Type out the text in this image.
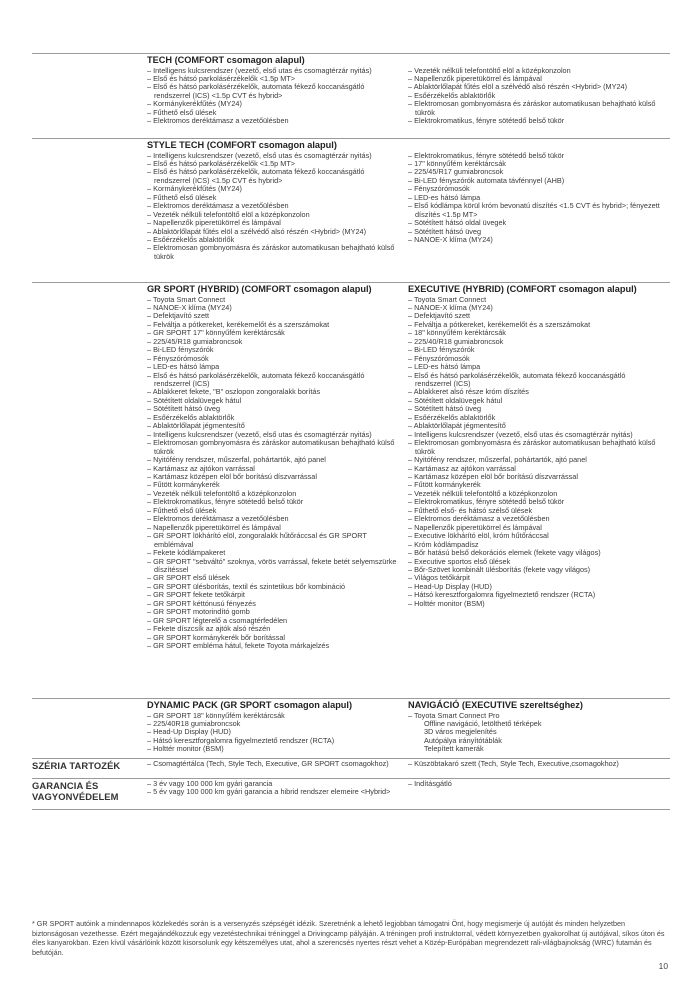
TECH (COMFORT csomagon alapul)
– Intelligens kulcsrendszer (vezető, első utas és csomagtérzár nyitás)
– Első és hátsó parkolásérzékelők <1.5p MT>
– Első és hátsó parkolásérzékelők, automata fékező koccanásgátló rendszerrel (ICS) <1.5p CVT és hybrid>
– Kormánykerékfűtés (MY24)
– Fűthető első ülések
– Elektromos deréktámasz a vezetőülésben
– Vezeték nélküli telefontöltő elöl a középkonzolon
– Napellenzők piperetükörrel és lámpával
– Ablaktörlőlapát fűtés elöl a szélvédő alsó részén <Hybrid> (MY24)
– Esőérzékelős ablaktörlők
– Elektromosan gombnyomásra és záráskor automatikusan behajtható külső tükrök
– Elektrokromatikus, fényre sötétedő belső tükör
STYLE TECH (COMFORT csomagon alapul)
– Intelligens kulcsrendszer (vezető, első utas és csomagtérzár nyitás)
– Első és hátsó parkolásérzékelők <1.5p MT>
– Első és hátsó parkolásérzékelők, automata fékező koccanásgátló rendszerrel (ICS) <1.5p CVT és hybrid>
– Kormánykerékfűtés (MY24)
– Fűthető első ülések
– Elektromos deréktámasz a vezetőülésben
– Vezeték nélküli telefontöltő elöl a középkonzolon
– Napellenzők piperetükörrel és lámpával
– Ablaktörlőlapát fűtés elöl a szélvédő alsó részén <Hybrid> (MY24)
– Esőérzékelős ablaktörlők
– Elektromosan gombnyomásra és záráskor automatikusan behajtható külső tükrök
– Elektrokromatikus, fényre sötétedő belső tükör
– 17" könnyűfém keréktárcsák
– 225/45/R17 gumiabroncsok
– Bi-LED fényszórók automata távfénnyel (AHB)
– Fényszórómosók
– LED-es hátsó lámpa
– Első kódlámpa körül króm bevonatú díszítés <1.5 CVT és hybrid>; fényezett díszítés <1.5p MT>
– Sötétített hátsó oldal üvegek
– Sötétített hátsó üveg
– NANOE-X klíma (MY24)
GR SPORT (HYBRID) (COMFORT csomagon alapul)
– Toyota Smart Connect
– NANOE-X klíma (MY24)
– Defektjavító szett
– Felváltja a pótkereket, kerékemelőt és a szerszámokat
– GR SPORT 17" könnyűfém keréktárcsák
– 225/45/R18 gumiabroncsok
– Bi-LED fényszórók
– Fényszórómosók
– LED-es hátsó lámpa
– Első és hátsó parkolásérzékelők, automata fékező koccanásgátló rendszerrel (ICS)
– Ablakkeret fekete, "B" oszlopon zongoralakk borítás
– Sötétített oldalüvegek hátul
– Sötétített hátsó üveg
– Esőérzékelős ablaktörlők
– Ablaktörlőlapát jégmentesítő
– Intelligens kulcsrendszer (vezető, első utas és csomagtérzár nyitás)
– Elektromosan gombnyomásra és záráskor automatikusan behajtható külső tükrök
– Nyitófény rendszer, műszerfal, pohártartók, ajtó panel
– Kartámasz az ajtókon varrással
– Kartámasz középen elöl bőr borítású díszvarrással
– Fűtött kormánykerék
– Vezeték nélküli telefontöltő a középkonzolon
– Elektrokromatikus, fényre sötétedő belső tükör
– Fűthető első ülések
– Elektromos deréktámasz a vezetőülésben
– Napellenzők piperetükörrel és lámpával
– GR SPORT lökhárító elöl, zongoralakk hűtőráccsal és GR SPORT emblémával
– Fekete kódlámpakeret
– GR SPORT "sebváltó" szoknya, vörös varrással, fekete betét selyemszürke díszítéssel
– GR SPORT első ülések
– GR SPORT ülésborítás, textil és szintetikus bőr kombináció
– GR SPORT fekete tetőkárpit
– GR SPORT kéttónusú fényezés
– GR SPORT motorindító gomb
– GR SPORT légterelő a csomagtérfedélen
– Fekete díszcsík az ajtók alsó részén
– GR SPORT kormánykerék bőr borítással
– GR SPORT embléma hátul, fekete Toyota márkajelzés
EXECUTIVE (HYBRID) (COMFORT csomagon alapul)
– Toyota Smart Connect
– NANOE-X klíma (MY24)
– Defektjavító szett
– Felváltja a pótkereket, kerékemelőt és a szerszámokat
– 18" könnyűfém keréktárcsák
– 225/40/R18 gumiabroncsok
– Bi-LED fényszórók
– Fényszórómosók
– LED-es hátsó lámpa
– Első és hátsó parkolásérzékelők, automata fékező koccanásgátló rendszerrel (ICS)
– Ablakkeret alsó része króm díszítés
– Sötétített oldalüvegek hátul
– Sötétített hátsó üveg
– Esőérzékelős ablaktörlők
– Ablaktörlőlapát jégmentesítő
– Intelligens kulcsrendszer (vezető, első utas és csomagtérzár nyitás)
– Elektromosan gombnyomásra és záráskor automatikusan behajtható külső tükrök
– Nyitófény rendszer, műszerfal, pohártartók, ajtó panel
– Kartámasz az ajtókon varrással
– Kartámasz középen elöl bőr borítású díszvarrással
– Fűtött kormánykerék
– Vezeték nélküli telefontöltő a középkonzolon
– Elektrokromatikus, fényre sötétedő belső tükör
– Fűthető első- és hátsó szélső ülések
– Elektromos deréktámasz a vezetőülésben
– Napellenzők piperetükörrel és lámpával
– Executive lökhárító elöl, króm hűtőráccsal
– Króm kódlámpadísz
– Bőr hatású belső dekorációs elemek (fekete vagy világos)
– Executive sportos első ülések
– Bőr-Szövet kombinált ülésborítás (fekete vagy világos)
– Világos tetőkárpit
– Head-Up Display (HUD)
– Hátsó keresztforgalomra figyelmeztető rendszer (RCTA)
– Holttér monitor (BSM)
DYNAMIC PACK (GR SPORT csomagon alapul)
– GR SPORT 18" könnyűfém keréktárcsák
– 225/40R18 gumiabroncsok
– Head-Up Display (HUD)
– Hátsó keresztforgalomra figyelmeztető rendszer (RCTA)
– Holttér monitor (BSM)
NAVIGÁCIÓ (EXECUTIVE szereltséghez)
– Toyota Smart Connect Pro
Offline navigáció, letölthető térképek
3D város megjelenítés
Autópálya irányítótáblák
Telepített kamerák
SZÉRIA TARTOZÉK	– Csomagtértálca (Tech, Style Tech, Executive, GR SPORT csomagokhoz)	– Küszöbtakaró szett (Tech, Style Tech, Executive,csomagokhoz)
GARANCIA ÉS VAGYONVÉDELEM
– 3 év vagy 100 000 km gyári garancia
– 5 év vagy 100 000 km gyári garancia a hibrid rendszer elemeire <Hybrid>
– Indításgátló
* GR SPORT autóink a mindennapos közlekedés során is a versenyzés szépségét idézik. Szeretnénk a lehető legjobban támogatni Önt, hogy megismerje új autóját és minden helyzetben biztonságosan vezethesse. Ezért megajándékozzuk egy vezetéstechnikai tréninggel a Drivingcamp pályáján. A tréningen profi instruktorral, védett környezetben gyakorolhat új autójával, síkos úton és éles kanyarokban. Ezen kívül vásárlóink között kisorsolunk egy kétszemélyes utat, ahol a szerencsés nyertes részt vehet a Közép-Európában megrendezett rali-világbajnokság (WRC) futamán és befutóján.
10
